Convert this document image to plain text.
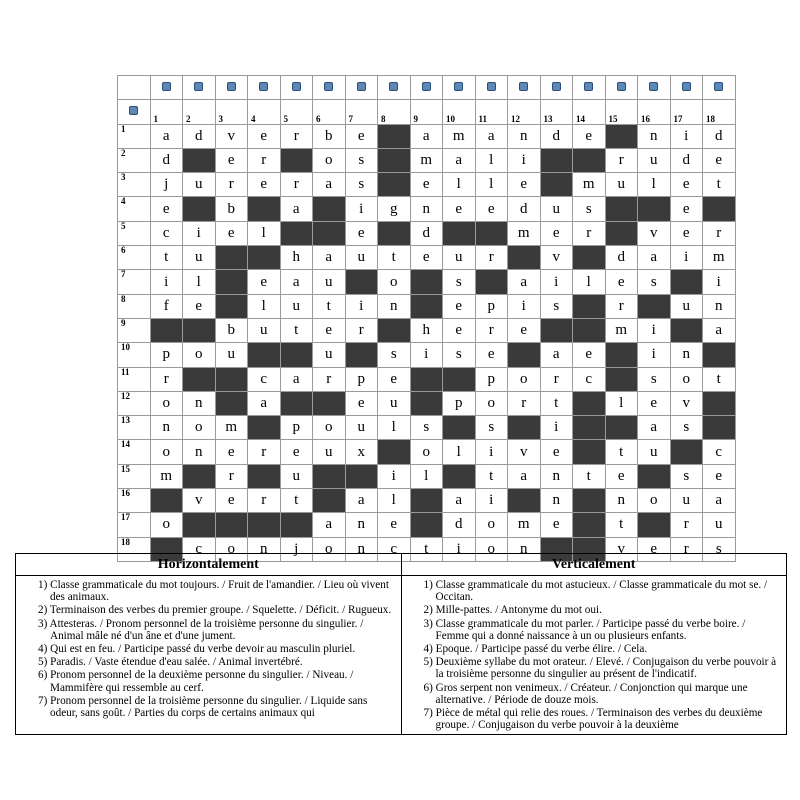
	1	2	3	4	5	6	7	8	9	10	11	12	13	14	15	16	17	18
1	a	d	v	e	r	b	e		a	m	a	n	d	e		n	i	d
2	d		e	r		o	s		m	a	l	i			r	u	d	e
3	j	u	r	e	r	a	s		e	l	l	e		m	u	l	e	t
4	e		b		a		i	g	n	e	e	d	u	s			e	
5	c	i	e	l			e		d			m	e	r		v	e	r
6	t	u			h	a	u	t	e	u	r		v		d	a	i	m
7	i	l		e	a	u		o		s		a	i	l	e	s		i
8	f	e		l	u	t	i	n		e	p	i	s		r		u	n
9			b	u	t	e	r		h	e	r	e			m	i		a
10	p	o	u			u		s	i	s	e		a	e		i	n	
11	r			c	a	r	p	e			p	o	r	c		s	o	t
12	o	n		a			e	u		p	o	r	t		l	e	v	
13	n	o	m		p	o	u	l	s		s		i			a	s	
14	o	n	e	r	e	u	x		o	l	i	v	e		t	u		c
15	m		r		u			i	l		t	a	n	t	e		s	e
16		v	e	r	t		a	l		a	i		n		n	o	u	a
17	o					a	n	e		d	o	m	e		t		r	u
18		c	o	n	j	o	n	c	t	i	o	n			v	e	r	s
Horizontalement
1) Classe grammaticale du mot toujours. / Fruit de l'amandier. / Lieu où vivent des animaux.
2) Terminaison des verbes du premier groupe. / Squelette. / Déficit. / Rugueux.
3) Attesteras. / Pronom personnel de la troisième personne du singulier. / Animal mâle né d'un âne et d'une jument.
4) Qui est en feu. / Participe passé du verbe devoir au masculin pluriel.
5) Paradis. / Vaste étendue d'eau salée. / Animal invertébré.
6) Pronom personnel de la deuxième personne du singulier. / Niveau. / Mammifère qui ressemble au cerf.
7) Pronom personnel de la troisième personne du singulier. / Liquide sans odeur, sans goût. / Parties du corps de certains animaux qui
Verticalement
1) Classe grammaticale du mot astucieux. / Classe grammaticale du mot se. / Occitan.
2) Mille-pattes. / Antonyme du mot oui.
3) Classe grammaticale du mot parler. / Participe passé du verbe boire. / Femme qui a donné naissance à un ou plusieurs enfants.
4) Epoque. / Participe passé du verbe élire. / Cela.
5) Deuxième syllabe du mot orateur. / Elevé. / Conjugaison du verbe pouvoir à la troisième personne du singulier au présent de l'indicatif.
6) Gros serpent non venimeux. / Créateur. / Conjonction qui marque une alternative. / Période de douze mois.
7) Pièce de métal qui relie des roues. / Terminaison des verbes du deuxième groupe. / Conjugaison du verbe pouvoir à la deuxième
